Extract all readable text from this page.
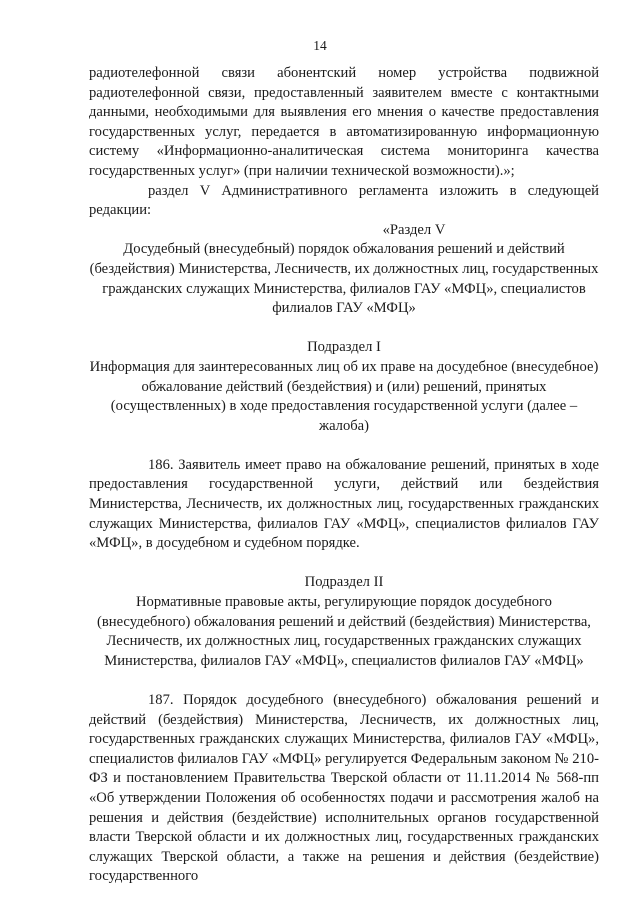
14

радиотелефонной связи абонентский номер устройства подвижной радиотелефонной связи, предоставленный заявителем вместе с контактными данными, необходимыми для выявления его мнения о качестве предоставления государственных услуг, передается в автоматизированную информационную систему «Информационно-аналитическая система мониторинга качества государственных услуг» (при наличии технической возможности).»;

раздел V Административного регламента изложить в следующей редакции:

«Раздел V

Досудебный (внесудебный) порядок обжалования решений и действий (бездействия) Министерства, Лесничеств, их должностных лиц, государственных гражданских служащих Министерства, филиалов ГАУ «МФЦ», специалистов филиалов ГАУ «МФЦ»

Подраздел I

Информация для заинтересованных лиц об их праве на досудебное (внесудебное) обжалование действий (бездействия) и (или) решений, принятых (осуществленных) в ходе предоставления государственной услуги (далее – жалоба)

186. Заявитель имеет право на обжалование решений, принятых в ходе предоставления государственной услуги, действий или бездействия Министерства, Лесничеств, их должностных лиц, государственных гражданских служащих Министерства, филиалов ГАУ «МФЦ», специалистов филиалов ГАУ «МФЦ», в досудебном и судебном порядке.

Подраздел II

Нормативные правовые акты, регулирующие порядок досудебного (внесудебного) обжалования решений и действий (бездействия) Министерства, Лесничеств, их должностных лиц, государственных гражданских служащих Министерства, филиалов ГАУ «МФЦ», специалистов филиалов ГАУ «МФЦ»

187. Порядок досудебного (внесудебного) обжалования решений и действий (бездействия) Министерства, Лесничеств, их должностных лиц, государственных гражданских служащих Министерства, филиалов ГАУ «МФЦ», специалистов филиалов ГАУ «МФЦ» регулируется Федеральным законом № 210-ФЗ и постановлением Правительства Тверской области от 11.11.2014 № 568-пп «Об утверждении Положения об особенностях подачи и рассмотрения жалоб на решения и действия (бездействие) исполнительных органов государственной власти Тверской области и их должностных лиц, государственных гражданских служащих Тверской области, а также на решения и действия (бездействие) государственного
